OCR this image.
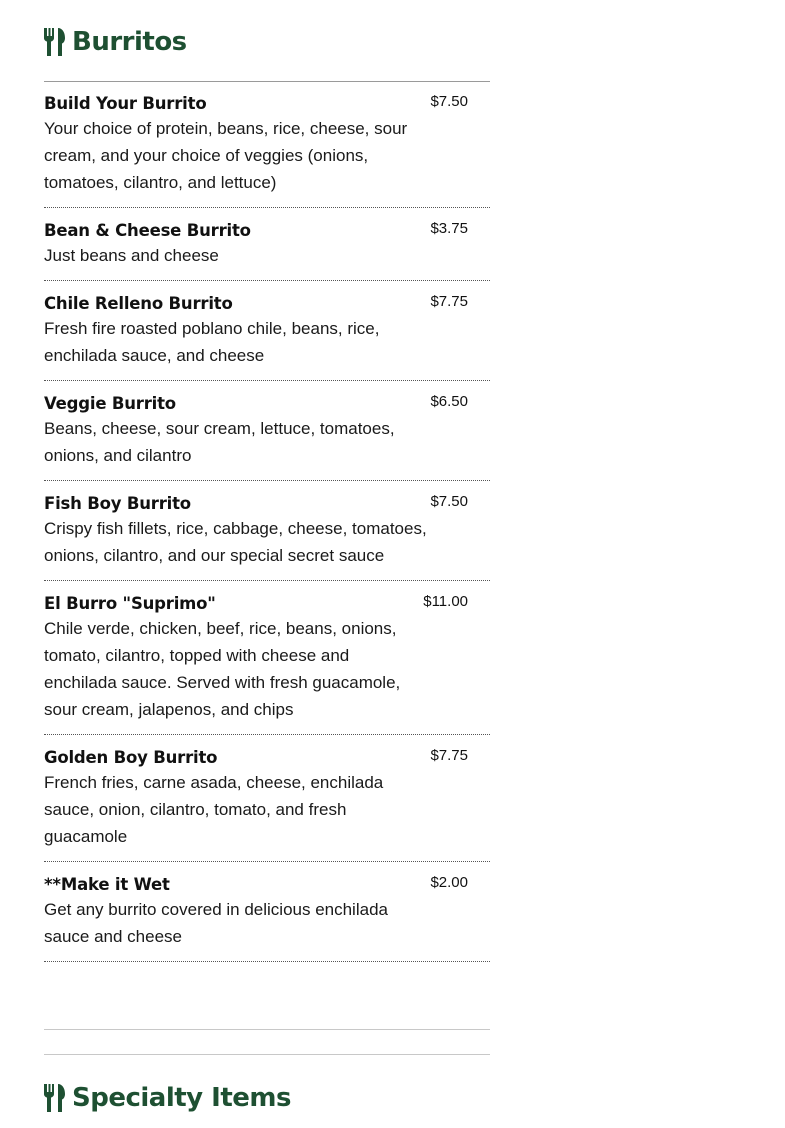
Burritos
Build Your Burrito	$7.50
Your choice of protein, beans, rice, cheese, sour cream, and your choice of veggies (onions, tomatoes, cilantro, and lettuce)
Bean & Cheese Burrito	$3.75
Just beans and cheese
Chile Relleno Burrito	$7.75
Fresh fire roasted poblano chile, beans, rice, enchilada sauce, and cheese
Veggie Burrito	$6.50
Beans, cheese, sour cream, lettuce, tomatoes, onions, and cilantro
Fish Boy Burrito	$7.50
Crispy fish fillets, rice, cabbage, cheese, tomatoes, onions, cilantro, and our special secret sauce
El Burro "Suprimo"	$11.00
Chile verde, chicken, beef, rice, beans, onions, tomato, cilantro, topped with cheese and enchilada sauce. Served with fresh guacamole, sour cream, jalapenos, and chips
Golden Boy Burrito	$7.75
French fries, carne asada, cheese, enchilada sauce, onion, cilantro, tomato, and fresh guacamole
**Make it Wet	$2.00
Get any burrito covered in delicious enchilada sauce and cheese
Specialty Items
